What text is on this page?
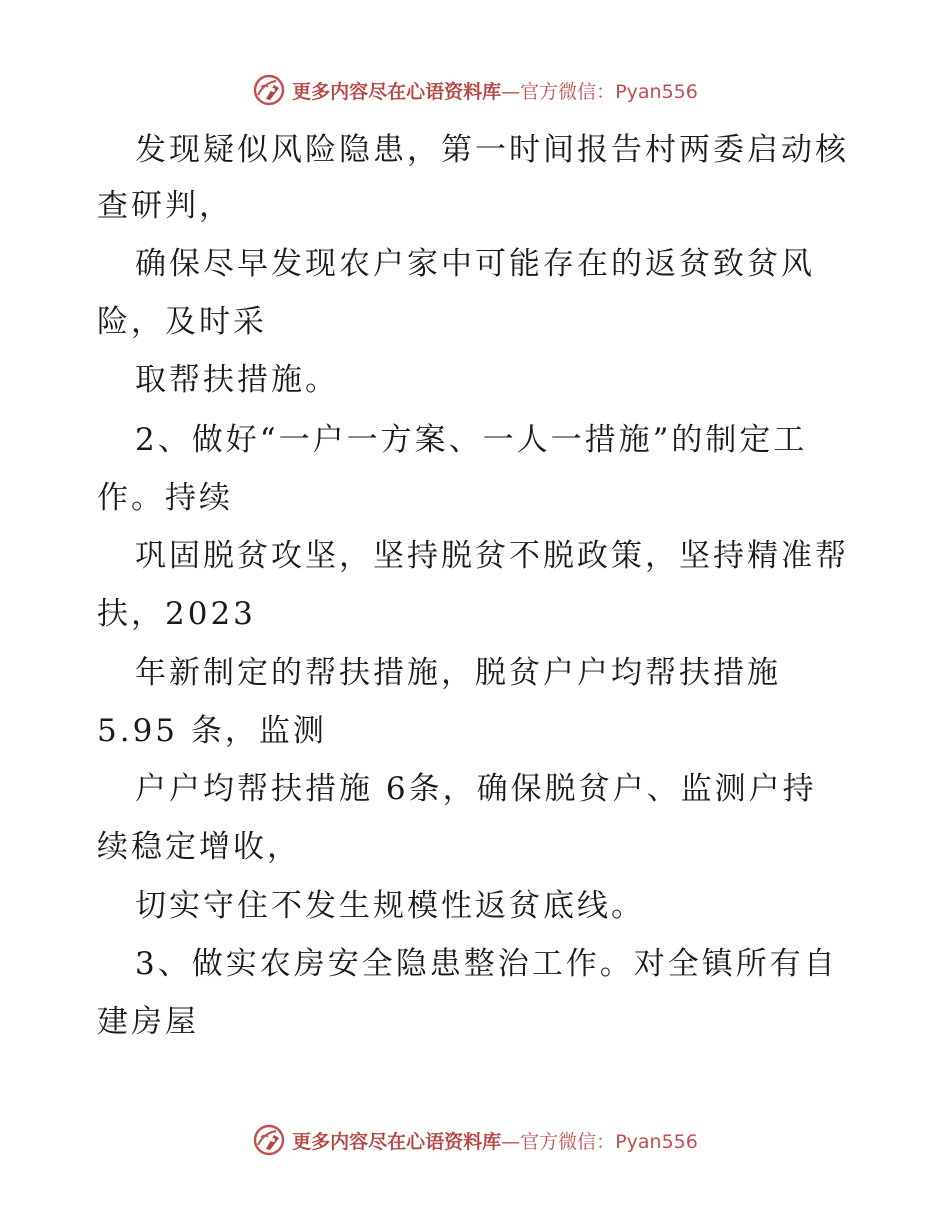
更多内容尽在心语资料库—官方微信：Pyan556
发现疑似风险隐患，第一时间报告村两委启动核
查研判，
确保尽早发现农户家中可能存在的返贫致贫风
险，及时采
取帮扶措施。
2、做好“一户一方案、一人一措施”的制定工
作。持续
巩固脱贫攻坚，坚持脱贫不脱政策，坚持精准帮
扶，2023
年新制定的帮扶措施，脱贫户户均帮扶措施
5.95 条，监测
户户均帮扶措施 6条，确保脱贫户、监测户持
续稳定增收，
切实守住不发生规模性返贫底线。
3、做实农房安全隐患整治工作。对全镇所有自
建房屋
更多内容尽在心语资料库—官方微信：Pyan556
